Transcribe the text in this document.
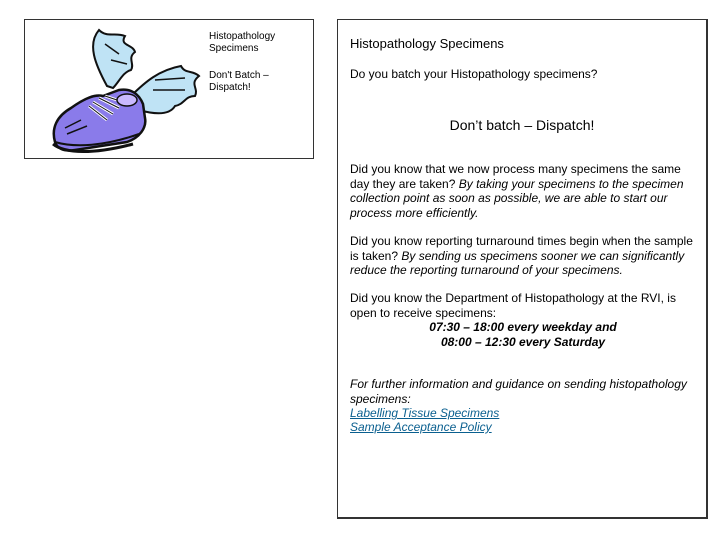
Histopathology Specimens
Don't Batch – Dispatch!
Histopathology Specimens
Do you batch your Histopathology specimens?
Don’t batch – Dispatch!
Did you know that we now process many specimens the same day they are taken? By taking your specimens to the specimen collection point as soon as possible, we are able to start our process more efficiently.
Did you know reporting turnaround times begin when the sample is taken? By sending us specimens sooner we can significantly reduce the reporting turnaround of your specimens.
Did you know the Department of Histopathology at the RVI, is open to receive specimens:
07:30 – 18:00 every weekday and
08:00 – 12:30 every Saturday
For further information and guidance on sending histopathology specimens:
Labelling Tissue Specimens
Sample Acceptance Policy
